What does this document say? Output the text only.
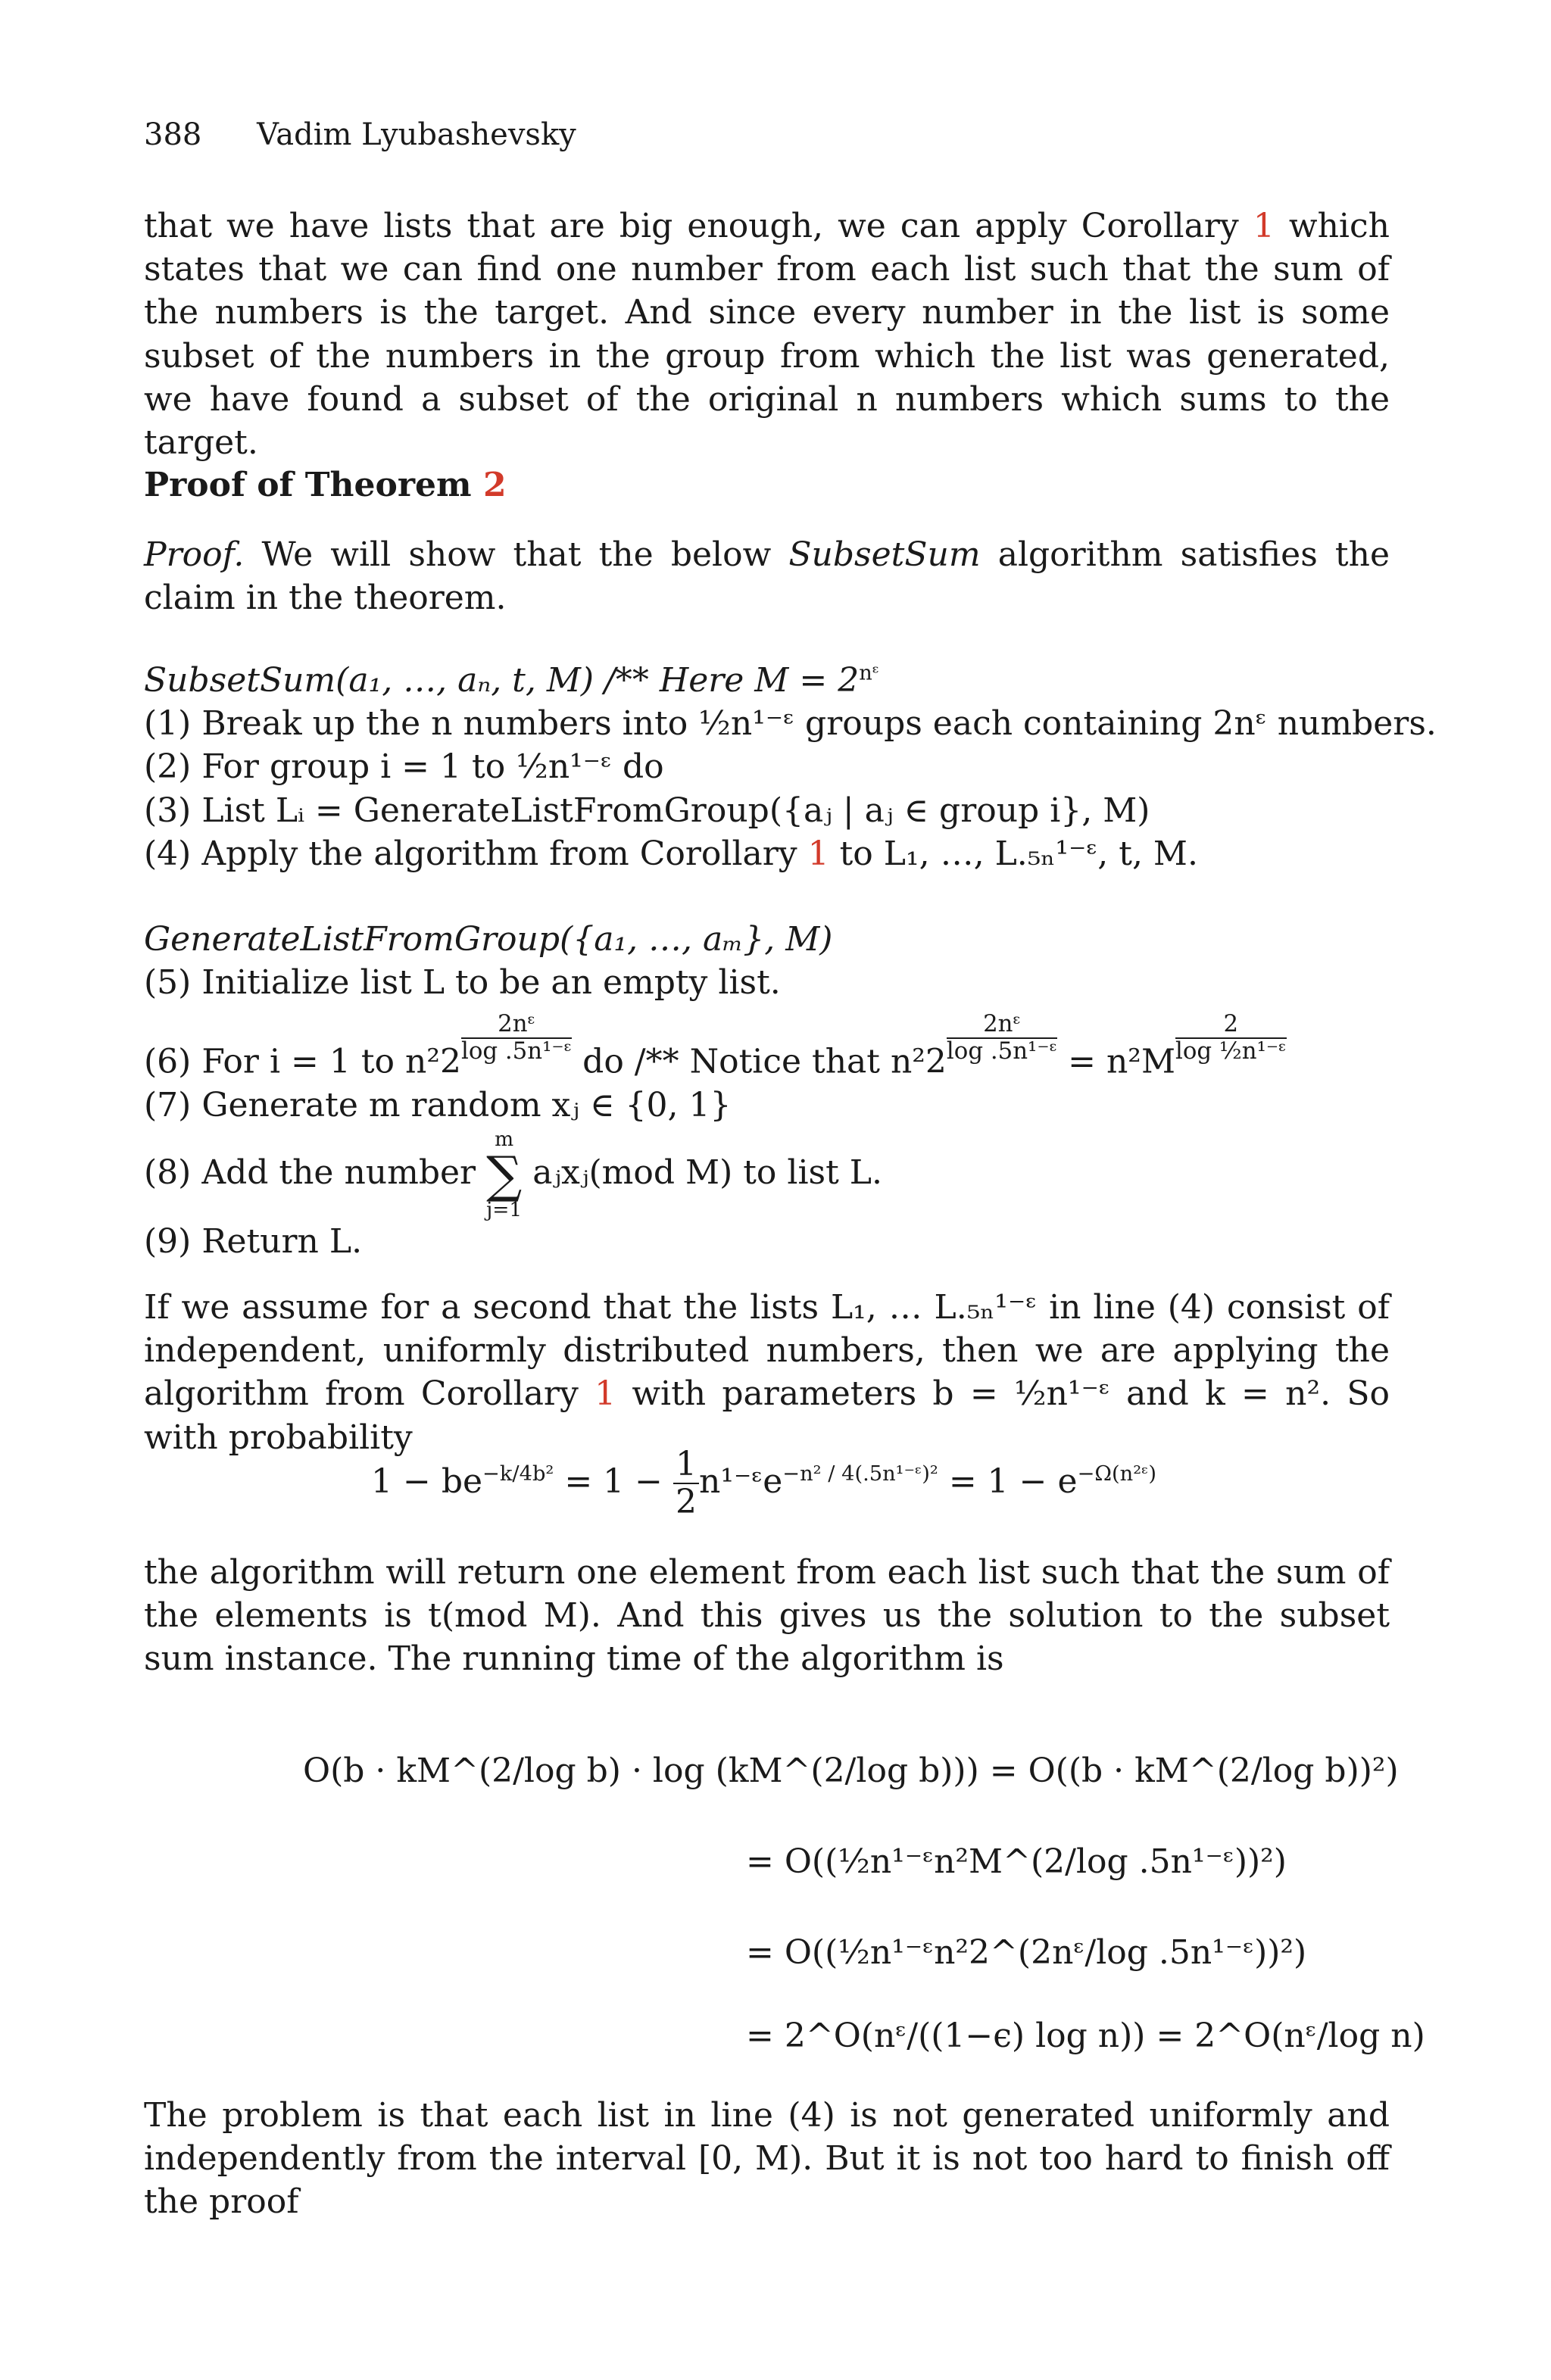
388 Vadim Lyubashevsky
that we have lists that are big enough, we can apply Corollary 1 which states that we can find one number from each list such that the sum of the numbers is the target. And since every number in the list is some subset of the numbers in the group from which the list was generated, we have found a subset of the original n numbers which sums to the target.
Proof of Theorem 2
Proof. We will show that the below SubsetSum algorithm satisfies the claim in the theorem.
SubsetSum(a₁, …, aₙ, t, M) /** Here $M = 2^{nᵋ}$
(1) Break up the n numbers into ½n¹⁻ᵋ groups each containing 2nᵋ numbers.
(2) For group i = 1 to ½n¹⁻ᵋ do
(3) List Lᵢ = GenerateListFromGroup({aⱼ | aⱼ ∈ group i}, M)
(4) Apply the algorithm from Corollary 1 to L₁, …, L.₅ₙ¹⁻ᵋ, t, M.
GenerateListFromGroup({a₁, …, aₘ}, M)
(5) Initialize list L to be an empty list.
(6) For i = 1 to $n^22 \frac{\text{2nᵋ}}{\text{log .5n¹⁻ᵋ}}$ do /** Notice that $n^22 \frac{\text{2nᵋ}}{\text{log .5n¹⁻ᵋ}} = n^2M \frac{2}{\text{log ½n¹⁻ᵋ}}$
(7) Generate m random xⱼ ∈ {0, 1}
(8) Add the number
m
∑
j=1
aⱼxⱼ(mod M) to list L.
(9) Return L.
If we assume for a second that the lists L₁, … L.₅ₙ¹⁻ᵋ in line (4) consist of independent, uniformly distributed numbers, then we are applying the algorithm from Corollary 1 with parameters b = ½n¹⁻ᵋ and k = n². So with probability
$1 - be^{-k/4b^2} = 1 - \frac{1}{2}$ n¹⁻ᵋe$^{-n^2 / 4(.5n^{1-}ᵋ)^2}$ = $1 - e^{-\Omega(n^2ᵋ)}$
the algorithm will return one element from each list such that the sum of the elements is t(mod M). And this gives us the solution to the subset sum instance. The running time of the algorithm is
O(b · kM^(2/log b) · log (kM^(2/log b))) = O((b · kM^(2/log b))²)
= O((½n¹⁻ᵋn²M^(2/log .5n¹⁻ᵋ))²)
= O((½n¹⁻ᵋn²2^(2nᵋ/log .5n¹⁻ᵋ))²)
= 2^O(nᵋ/((1−ϵ) log n)) = 2^O(nᵋ/log n)
The problem is that each list in line (4) is not generated uniformly and independently from the interval [0, M). But it is not too hard to finish off the proof
